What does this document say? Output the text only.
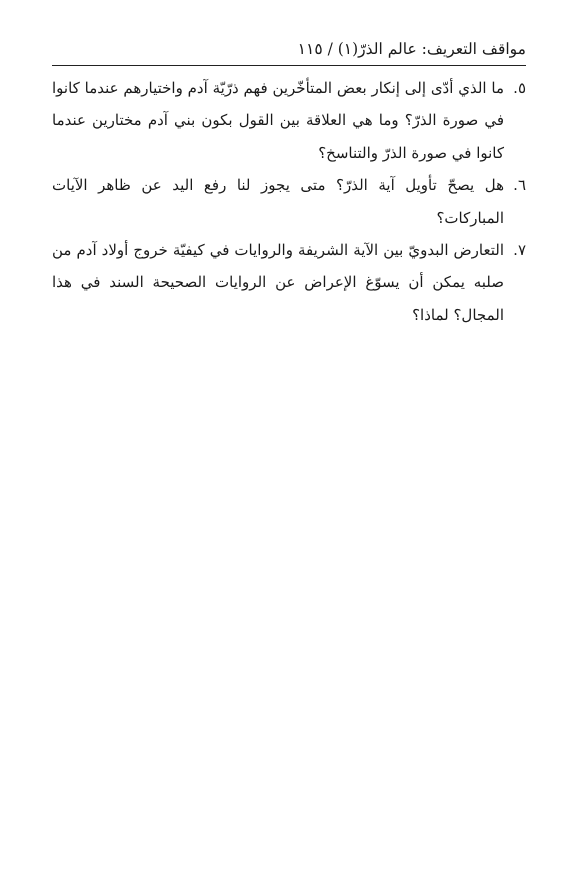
مواقف التعريف: عالم الذرّ(١) / ١١٥
٥.
ما الذي أدّى إلى إنكار بعض المتأخّرين فهم ذرّيّة آدم واختيارهم عندما كانوا في صورة الذرّ؟ وما هي العلاقة بين القول بكون بني آدم مختارين عندما كانوا في صورة الذرّ والتناسخ؟
٦.
هل يصحّ تأويل آية الذرّ؟ متى يجوز لنا رفع اليد عن ظاهر الآيات المباركات؟
٧.
التعارض البدويّ بين الآية الشريفة والروايات في كيفيّة خروج أولاد آدم من صلبه يمكن أن يسوّغ الإعراض عن الروايات الصحيحة السند في هذا المجال؟ لماذا؟
